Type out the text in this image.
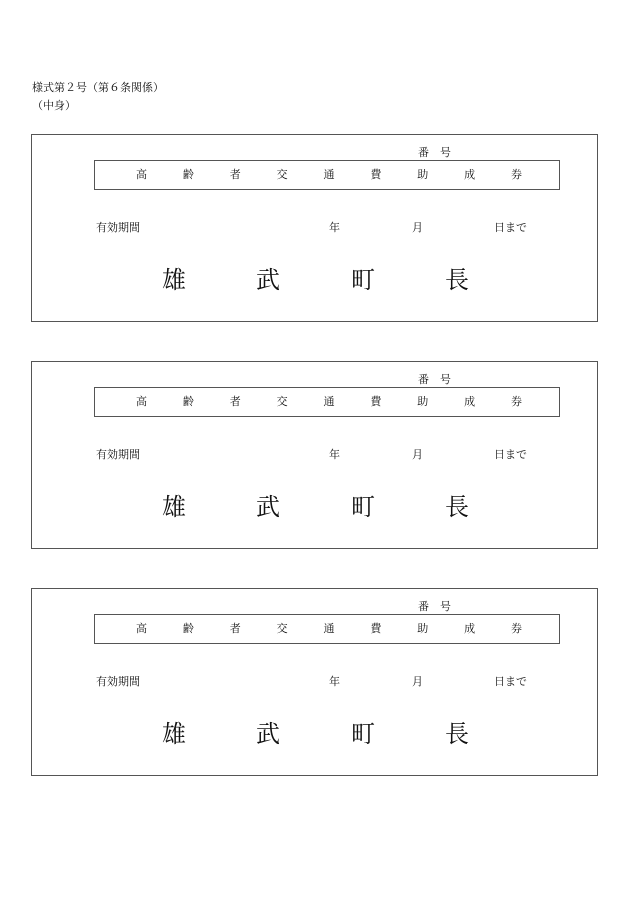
様式第２号（第６条関係）
（中身）
番号
高	齢	者	交	通	費	助	成	券
有効期間	年	月	日まで
雄	武	町	長
番号
高	齢	者	交	通	費	助	成	券
有効期間	年	月	日まで
雄	武	町	長
番号
高	齢	者	交	通	費	助	成	券
有効期間	年	月	日まで
雄	武	町	長
